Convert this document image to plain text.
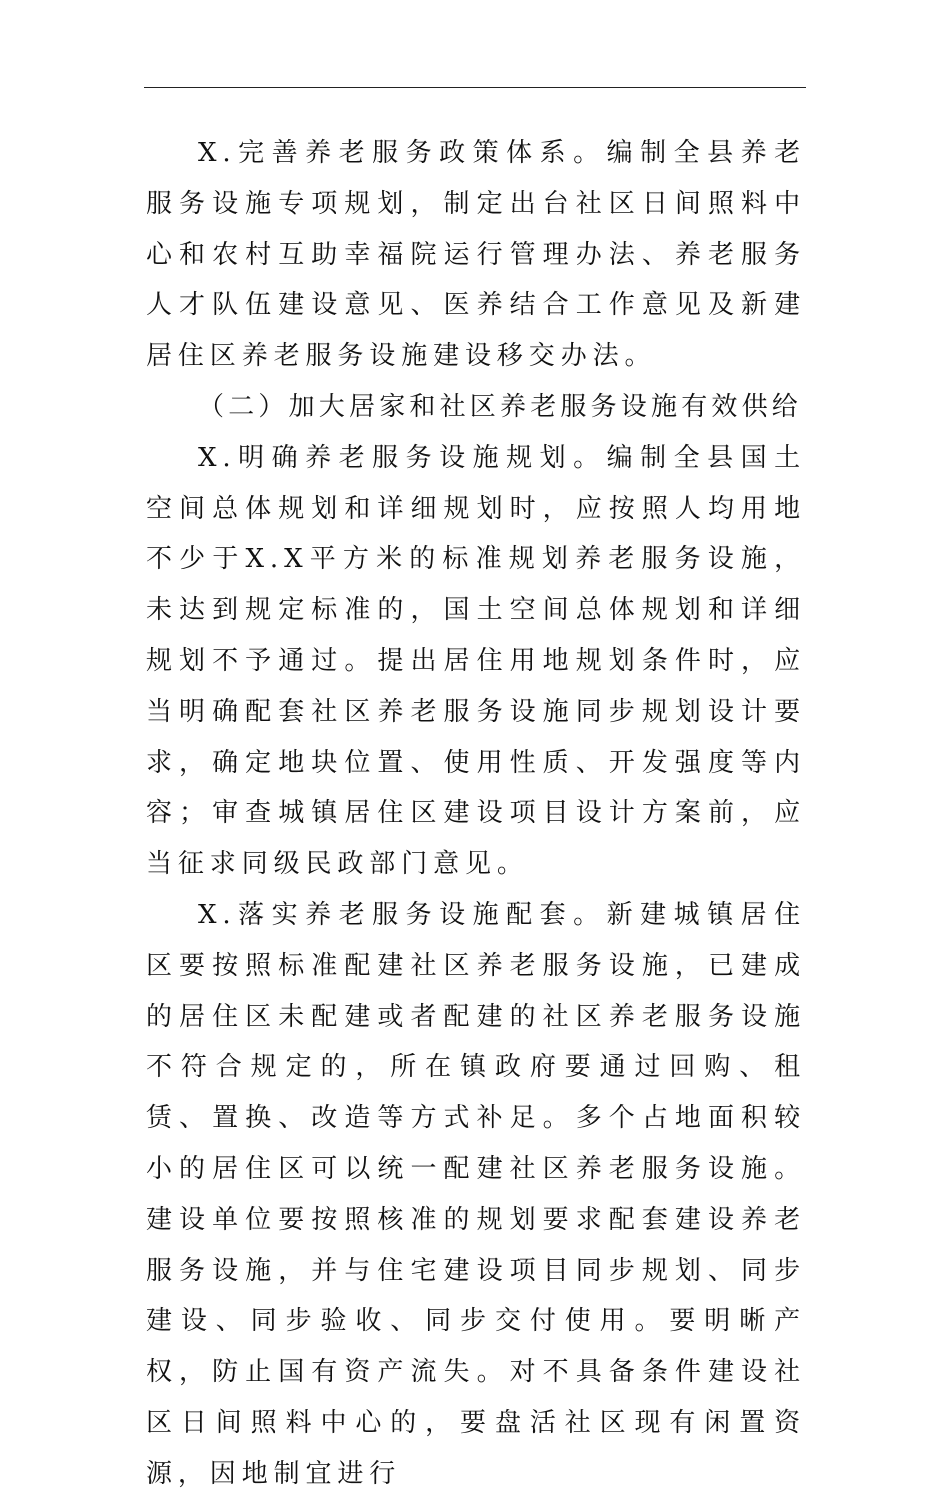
X.完善养老服务政策体系。编制全县养老服务设施专项规划，制定出台社区日间照料中心和农村互助幸福院运行管理办法、养老服务人才队伍建设意见、医养结合工作意见及新建居住区养老服务设施建设移交办法。

（二）加大居家和社区养老服务设施有效供给

X.明确养老服务设施规划。编制全县国土空间总体规划和详细规划时，应按照人均用地不少于X.X平方米的标准规划养老服务设施，未达到规定标准的，国土空间总体规划和详细规划不予通过。提出居住用地规划条件时，应当明确配套社区养老服务设施同步规划设计要求，确定地块位置、使用性质、开发强度等内容；审查城镇居住区建设项目设计方案前，应当征求同级民政部门意见。

X.落实养老服务设施配套。新建城镇居住区要按照标准配建社区养老服务设施，已建成的居住区未配建或者配建的社区养老服务设施不符合规定的，所在镇政府要通过回购、租赁、置换、改造等方式补足。多个占地面积较小的居住区可以统一配建社区养老服务设施。建设单位要按照核准的规划要求配套建设养老服务设施，并与住宅建设项目同步规划、同步建设、同步验收、同步交付使用。要明晰产权，防止国有资产流失。对不具备条件建设社区日间照料中心的，要盘活社区现有闲置资源，因地制宜进行
